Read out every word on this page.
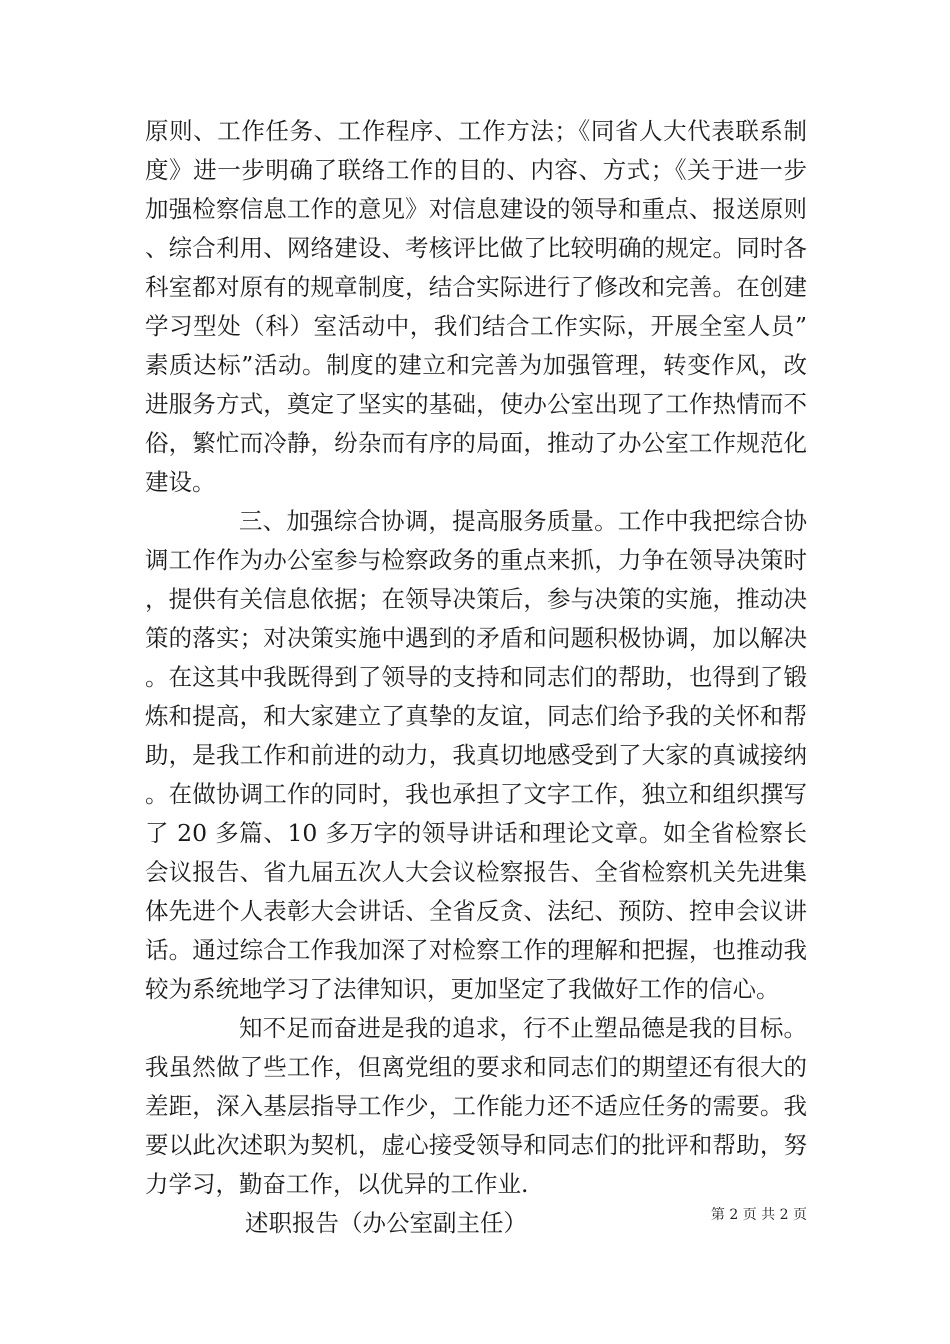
原则、工作任务、工作程序、工作方法；《同省人大代表联系制度》进一步明确了联络工作的目的、内容、方式；《关于进一步加强检察信息工作的意见》对信息建设的领导和重点、报送原则、综合利用、网络建设、考核评比做了比较明确的规定。同时各科室都对原有的规章制度，结合实际进行了修改和完善。在创建学习型处（科）室活动中，我们结合工作实际，开展全室人员”素质达标”活动。制度的建立和完善为加强管理，转变作风，改进服务方式，奠定了坚实的基础，使办公室出现了工作热情而不俗，繁忙而冷静，纷杂而有序的局面，推动了办公室工作规范化建设。

三、加强综合协调，提高服务质量。工作中我把综合协调工作作为办公室参与检察政务的重点来抓，力争在领导决策时，提供有关信息依据；在领导决策后，参与决策的实施，推动决策的落实；对决策实施中遇到的矛盾和问题积极协调，加以解决。在这其中我既得到了领导的支持和同志们的帮助，也得到了锻炼和提高，和大家建立了真挚的友谊，同志们给予我的关怀和帮助，是我工作和前进的动力，我真切地感受到了大家的真诚接纳。在做协调工作的同时，我也承担了文字工作，独立和组织撰写了 20 多篇、10 多万字的领导讲话和理论文章。如全省检察长会议报告、省九届五次人大会议检察报告、全省检察机关先进集体先进个人表彰大会讲话、全省反贪、法纪、预防、控申会议讲话。通过综合工作我加深了对检察工作的理解和把握，也推动我较为系统地学习了法律知识，更加坚定了我做好工作的信心。

知不足而奋进是我的追求，行不止塑品德是我的目标。我虽然做了些工作，但离党组的要求和同志们的期望还有很大的差距，深入基层指导工作少，工作能力还不适应任务的需要。我要以此次述职为契机，虚心接受领导和同志们的批评和帮助，努力学习，勤奋工作，以优异的工作业.

述职报告（办公室副主任）	第 2 页 共 2 页
